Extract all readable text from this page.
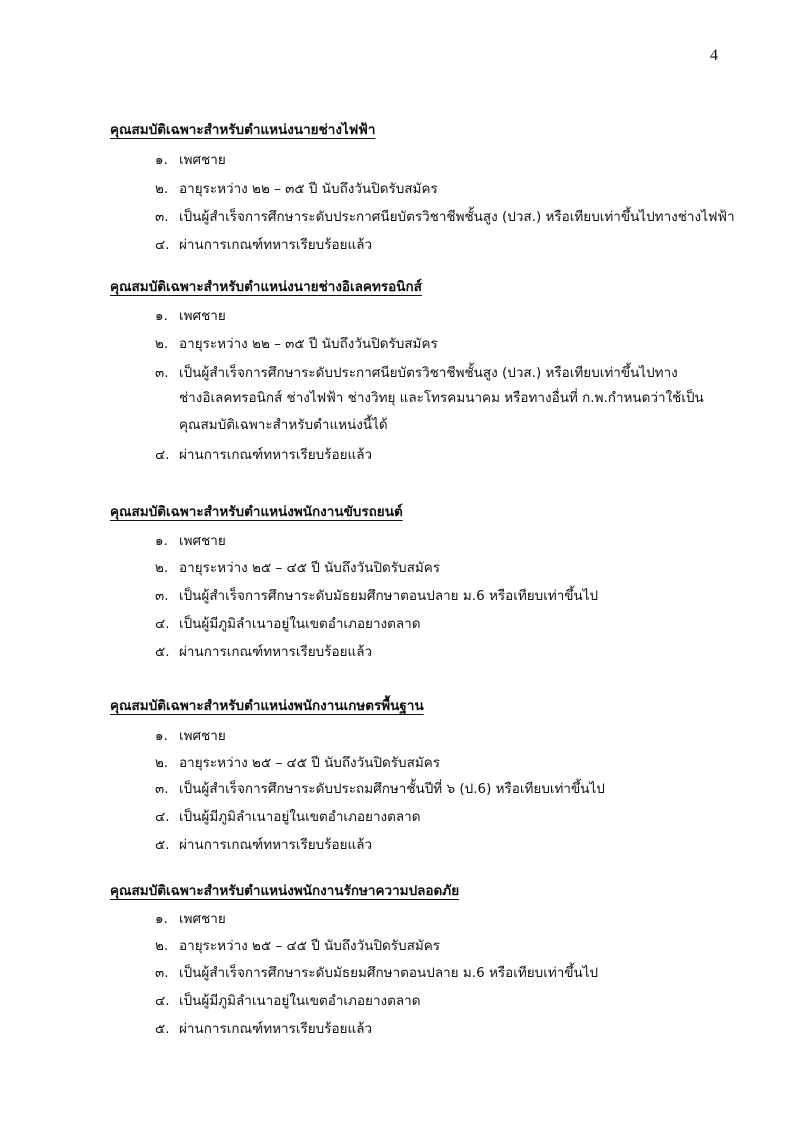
4
คุณสมบัติเฉพาะสำหรับตำแหน่งนายช่างไฟฟ้า
๑. เพศชาย
๒. อายุระหว่าง ๒๒ – ๓๕ ปี นับถึงวันปิดรับสมัคร
๓. เป็นผู้สำเร็จการศึกษาระดับประกาศนียบัตรวิชาชีพชั้นสูง (ปวส.) หรือเทียบเท่าขึ้นไปทางช่างไฟฟ้า
๔. ผ่านการเกณฑ์ทหารเรียบร้อยแล้ว
คุณสมบัติเฉพาะสำหรับตำแหน่งนายช่างอิเลคทรอนิกส์
๑. เพศชาย
๒. อายุระหว่าง ๒๒ – ๓๕ ปี นับถึงวันปิดรับสมัคร
๓. เป็นผู้สำเร็จการศึกษาระดับประกาศนียบัตรวิชาชีพชั้นสูง (ปวส.) หรือเทียบเท่าขึ้นไปทาง
ช่างอิเลคทรอนิกส์ ช่างไฟฟ้า ช่างวิทยุ และโทรคมนาคม หรือทางอื่นที่ ก.พ.กำหนดว่าใช้เป็น
คุณสมบัติเฉพาะสำหรับตำแหน่งนี้ได้
๔. ผ่านการเกณฑ์ทหารเรียบร้อยแล้ว
คุณสมบัติเฉพาะสำหรับตำแหน่งพนักงานขับรถยนต์
๑. เพศชาย
๒. อายุระหว่าง ๒๕ – ๔๕ ปี นับถึงวันปิดรับสมัคร
๓. เป็นผู้สำเร็จการศึกษาระดับมัธยมศึกษาตอนปลาย ม.6 หรือเทียบเท่าขึ้นไป
๔. เป็นผู้มีภูมิลำเนาอยู่ในเขตอำเภอยางตลาด
๕. ผ่านการเกณฑ์ทหารเรียบร้อยแล้ว
คุณสมบัติเฉพาะสำหรับตำแหน่งพนักงานเกษตรพื้นฐาน
๑. เพศชาย
๒. อายุระหว่าง ๒๕ – ๔๕ ปี นับถึงวันปิดรับสมัคร
๓. เป็นผู้สำเร็จการศึกษาระดับประถมศึกษาชั้นปีที่ ๖ (ป.6) หรือเทียบเท่าขึ้นไป
๔. เป็นผู้มีภูมิลำเนาอยู่ในเขตอำเภอยางตลาด
๕. ผ่านการเกณฑ์ทหารเรียบร้อยแล้ว
คุณสมบัติเฉพาะสำหรับตำแหน่งพนักงานรักษาความปลอดภัย
๑. เพศชาย
๒. อายุระหว่าง ๒๕ – ๔๕ ปี นับถึงวันปิดรับสมัคร
๓. เป็นผู้สำเร็จการศึกษาระดับมัธยมศึกษาตอนปลาย ม.6 หรือเทียบเท่าขึ้นไป
๔. เป็นผู้มีภูมิลำเนาอยู่ในเขตอำเภอยางตลาด
๕. ผ่านการเกณฑ์ทหารเรียบร้อยแล้ว
